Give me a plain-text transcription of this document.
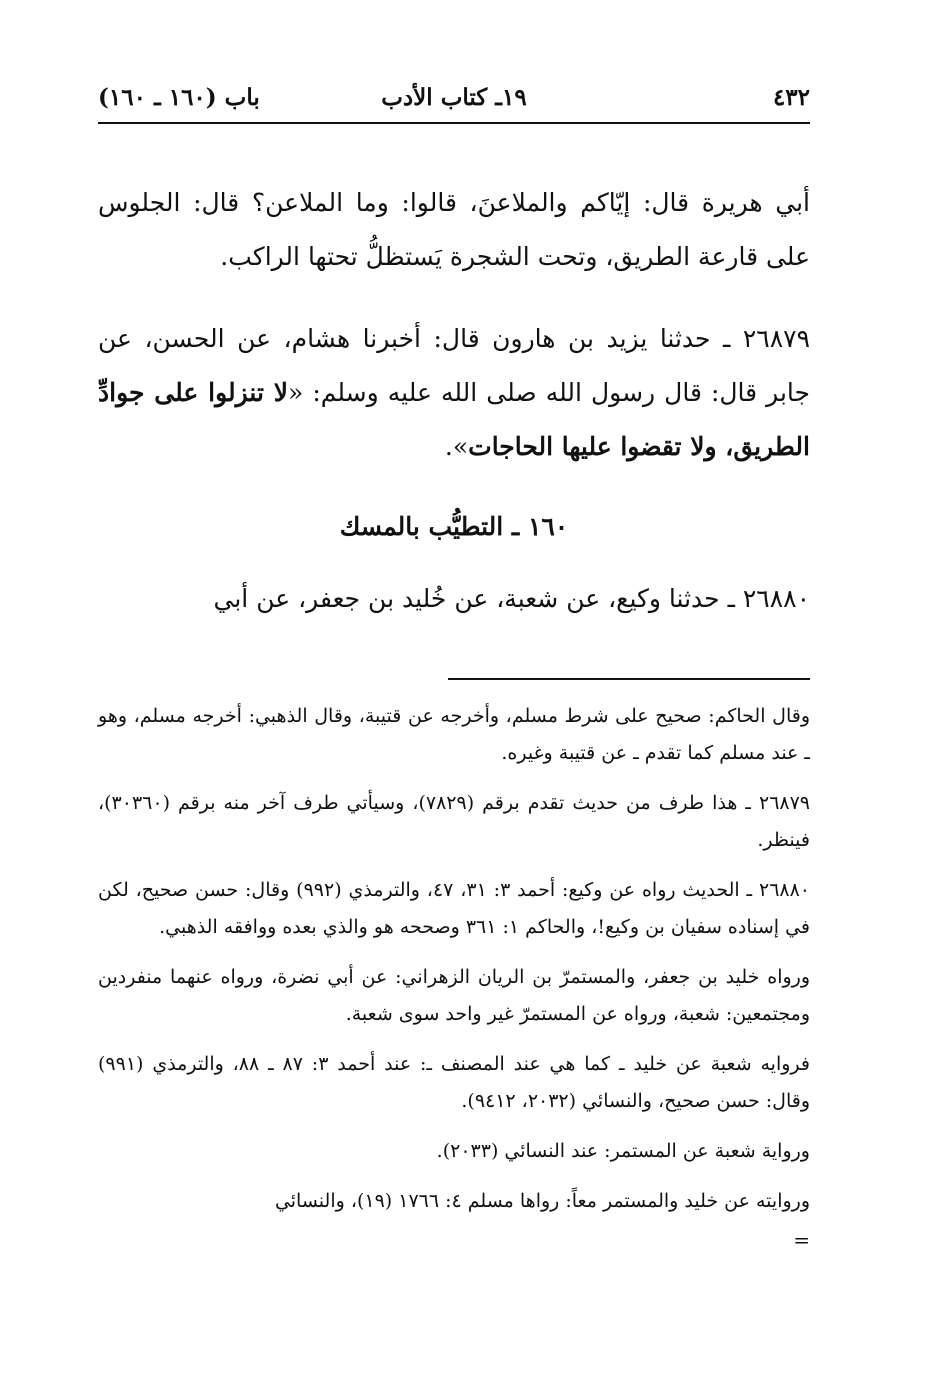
٤٣٢
١٩ـ كتاب الأدب
باب (١٦٠ ـ ١٦٠)
أبي هريرة قال: إيّاكم والملاعنَ، قالوا: وما الملاعن؟ قال: الجلوس على قارعة الطريق، وتحت الشجرة يَستظلُّ تحتها الراكب.
٢٦٨٧٩ ـ حدثنا يزيد بن هارون قال: أخبرنا هشام، عن الحسن، عن جابر قال: قال رسول الله صلى الله عليه وسلم: «لا تنزلوا على جوادِّ الطريق، ولا تقضوا عليها الحاجات».
١٦٠ ـ التطيُّب بالمسك
٢٦٨٨٠ ـ حدثنا وكيع، عن شعبة، عن خُليد بن جعفر، عن أبي
وقال الحاكم: صحيح على شرط مسلم، وأخرجه عن قتيبة، وقال الذهبي: أخرجه مسلم، وهو ـ عند مسلم كما تقدم ـ عن قتيبة وغيره.
٢٦٨٧٩ ـ هذا طرف من حديث تقدم برقم (٧٨٢٩)، وسيأتي طرف آخر منه برقم (٣٠٣٦٠)، فينظر.
٢٦٨٨٠ ـ الحديث رواه عن وكيع: أحمد ٣: ٣١، ٤٧، والترمذي (٩٩٢) وقال: حسن صحيح، لكن في إسناده سفيان بن وكيع!، والحاكم ١: ٣٦١ وصححه هو والذي بعده ووافقه الذهبي.
ورواه خليد بن جعفر، والمستمرّ بن الريان الزهراني: عن أبي نضرة، ورواه عنهما منفردين ومجتمعين: شعبة، ورواه عن المستمرّ غير واحد سوى شعبة.
فروايه شعبة عن خليد ـ كما هي عند المصنف ـ: عند أحمد ٣: ٨٧ ـ ٨٨، والترمذي (٩٩١) وقال: حسن صحيح، والنسائي (٢٠٣٢، ٩٤١٢).
ورواية شعبة عن المستمر: عند النسائي (٢٠٣٣).
وروايته عن خليد والمستمر معاً: رواها مسلم ٤: ١٧٦٦ (١٩)، والنسائي
=
